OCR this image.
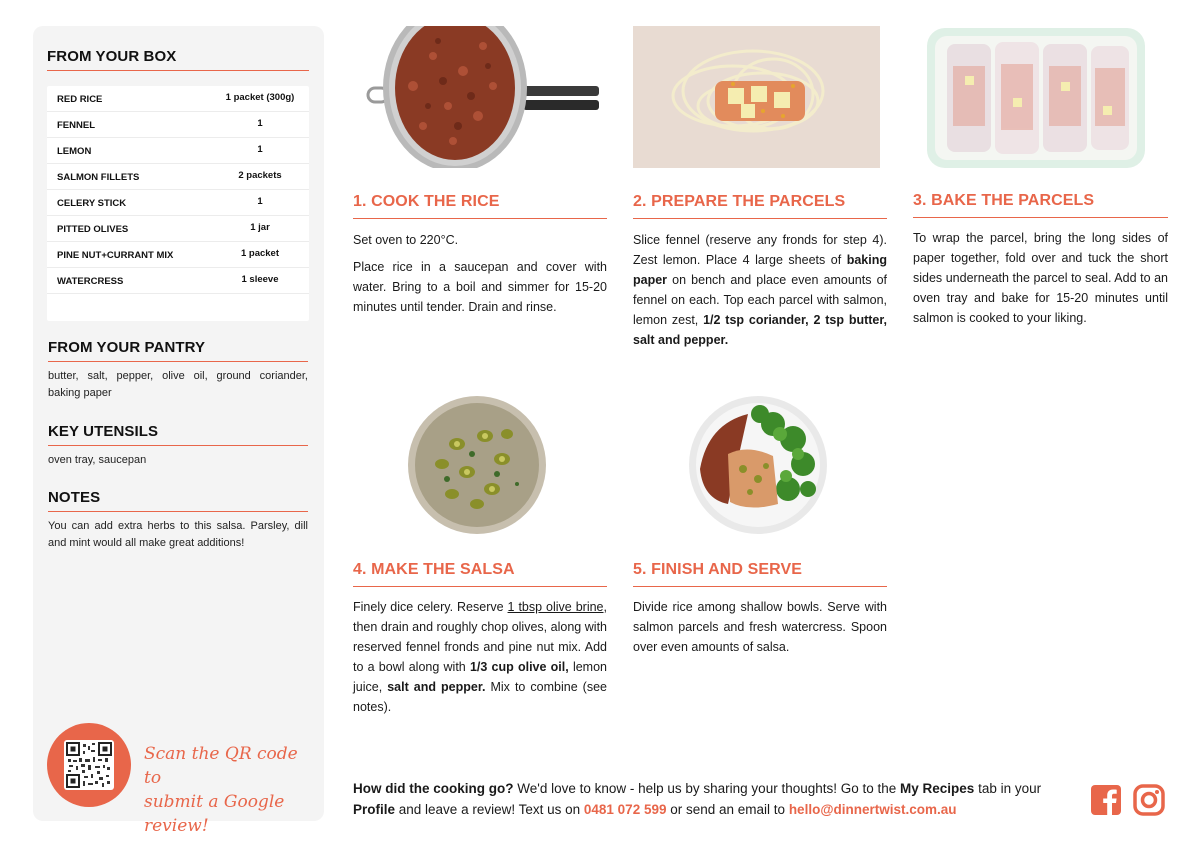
FROM YOUR BOX
RED RICE	1 packet (300g)
FENNEL	1
LEMON	1
SALMON FILLETS	2 packets
CELERY STICK	1
PITTED OLIVES	1 jar
PINE NUT+CURRANT MIX	1 packet
WATERCRESS	1 sleeve
FROM YOUR PANTRY
butter, salt, pepper, olive oil, ground coriander, baking paper
KEY UTENSILS
oven tray, saucepan
NOTES
You can add extra herbs to this salsa. Parsley, dill and mint would all make great additions!
Scan the QR code to
submit a Google review!
1. COOK THE RICE

Set oven to 220°C.

Place rice in a saucepan and cover with water. Bring to a boil and simmer for 15-20 minutes until tender. Drain and rinse.

2. PREPARE THE PARCELS

Slice fennel (reserve any fronds for step 4). Zest lemon. Place 4 large sheets of baking paper on bench and place even amounts of fennel on each. Top each parcel with salmon, lemon zest, 1/2 tsp coriander, 2 tsp butter, salt and pepper.

3. BAKE THE PARCELS

To wrap the parcel, bring the long sides of paper together, fold over and tuck the short sides underneath the parcel to seal. Add to an oven tray and bake for 15-20 minutes until salmon is cooked to your liking.

4. MAKE THE SALSA

Finely dice celery. Reserve 1 tbsp olive brine, then drain and roughly chop olives, along with reserved fennel fronds and pine nut mix. Add to a bowl along with 1/3 cup olive oil, lemon juice, salt and pepper. Mix to combine (see notes).

5. FINISH AND SERVE

Divide rice among shallow bowls. Serve with salmon parcels and fresh watercress. Spoon over even amounts of salsa.

How did the cooking go? We'd love to know - help us by sharing your thoughts! Go to the My Recipes tab in your Profile and leave a review! Text us on 0481 072 599 or send an email to hello@dinnertwist.com.au
